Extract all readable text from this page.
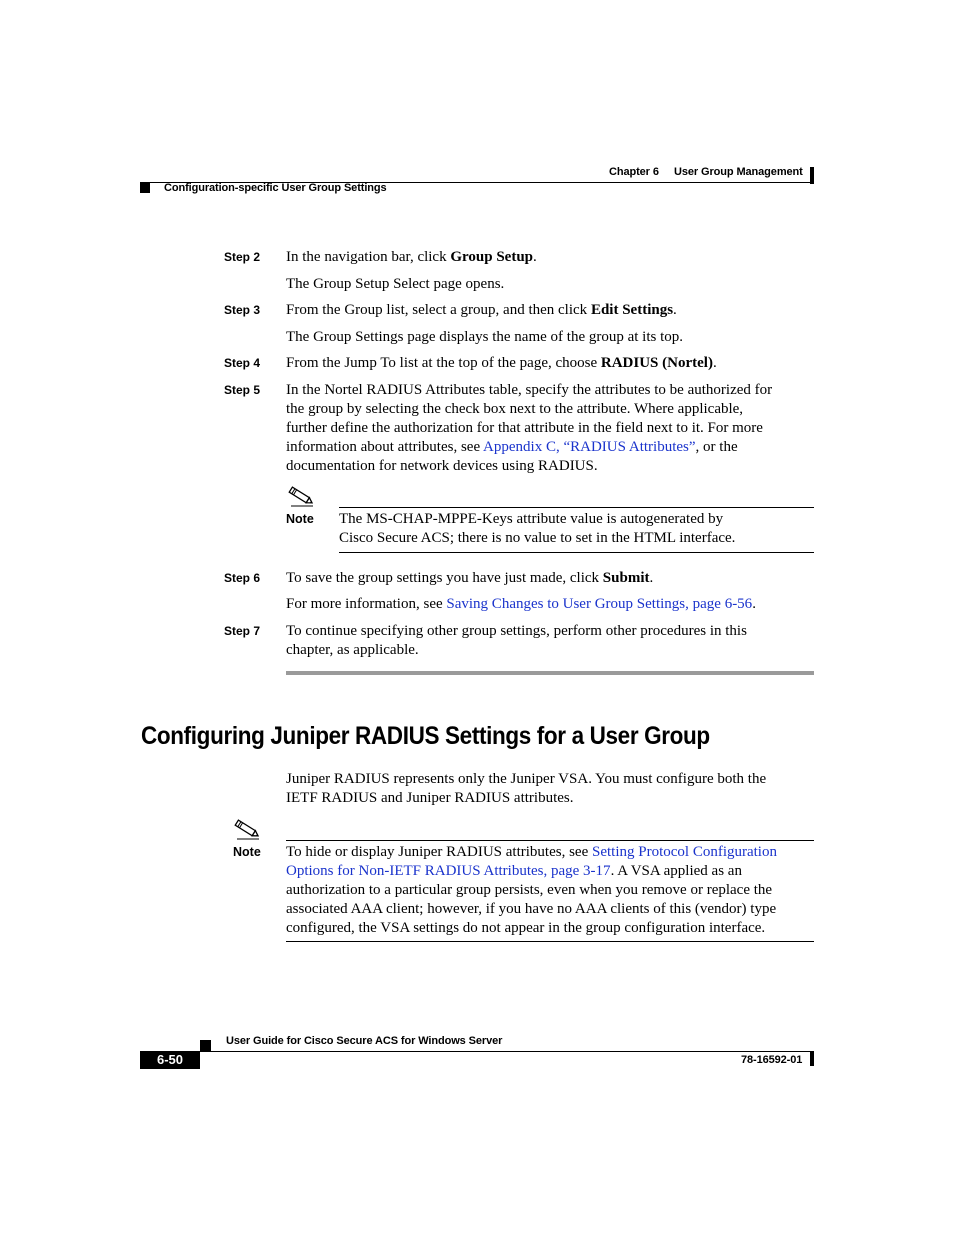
Chapter 6 User Group Management
Configuration-specific User Group Settings
Step 2 In the navigation bar, click Group Setup.
The Group Setup Select page opens.
Step 3 From the Group list, select a group, and then click Edit Settings.
The Group Settings page displays the name of the group at its top.
Step 4 From the Jump To list at the top of the page, choose RADIUS (Nortel).
Step 5 In the Nortel RADIUS Attributes table, specify the attributes to be authorized for
the group by selecting the check box next to the attribute. Where applicable,
further define the authorization for that attribute in the field next to it. For more
information about attributes, see Appendix C, “RADIUS Attributes”, or the
documentation for network devices using RADIUS.
Note The MS-CHAP-MPPE-Keys attribute value is autogenerated by
Cisco Secure ACS; there is no value to set in the HTML interface.
Step 6 To save the group settings you have just made, click Submit.
For more information, see Saving Changes to User Group Settings, page 6-56.
Step 7 To continue specifying other group settings, perform other procedures in this
chapter, as applicable.
Configuring Juniper RADIUS Settings for a User Group
Juniper RADIUS represents only the Juniper VSA. You must configure both the
IETF RADIUS and Juniper RADIUS attributes.
Note To hide or display Juniper RADIUS attributes, see Setting Protocol Configuration
Options for Non-IETF RADIUS Attributes, page 3-17. A VSA applied as an
authorization to a particular group persists, even when you remove or replace the
associated AAA client; however, if you have no AAA clients of this (vendor) type
configured, the VSA settings do not appear in the group configuration interface.
User Guide for Cisco Secure ACS for Windows Server
6-50	78-16592-01
